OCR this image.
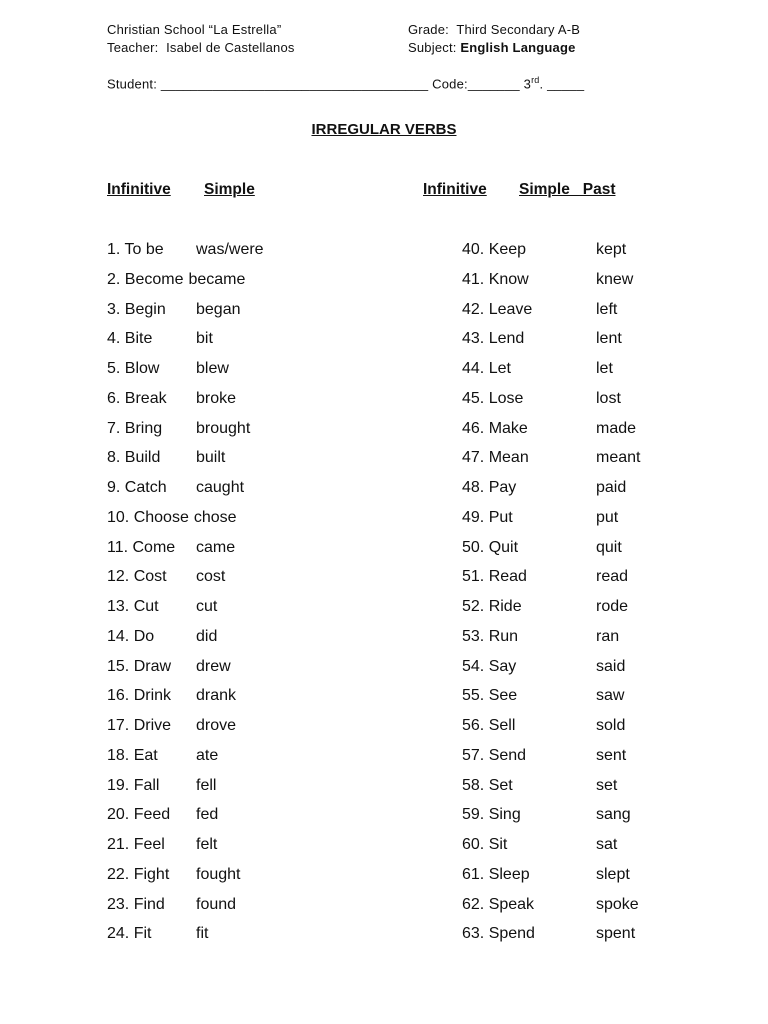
Christian School “La Estrella”
Teacher: Isabel de Castellanos
Grade: Third Secondary A-B
Subject: English Language
Student: ____________________________________ Code:_______ 3rd. _____
IRREGULAR VERBS
Infinitive Simple	Infinitive Simple   Past
1. To be was/were
2. Become became
3. Begin began
4. Bite	bit
5. Blow blew
6. Break broke
7. Bring brought
8. Build built
9. Catch caught
10. Choose chose
11. Come came
12. Cost cost
13. Cut cut
14. Do	did
15. Draw drew
16. Drink drank
17. Drive drove
18. Eat ate
19. Fall fell
20. Feed fed
21. Feel felt
22. Fight fought
23. Find found
24. Fit	fit
40. Keep	kept
41. Know	knew
42. Leave	left
43. Lend	lent
44. Let	let
45. Lose	lost
46. Make	made
47. Mean	meant
48. Pay	paid
49. Put	put
50. Quit	quit
51. Read	read
52. Ride	rode
53. Run	ran
54. Say	said
55. See	saw
56. Sell	sold
57. Send	sent
58. Set	set
59. Sing	sang
60. Sit	sat
61. Sleep	slept
62. Speak	spoke
63. Spend	spent
